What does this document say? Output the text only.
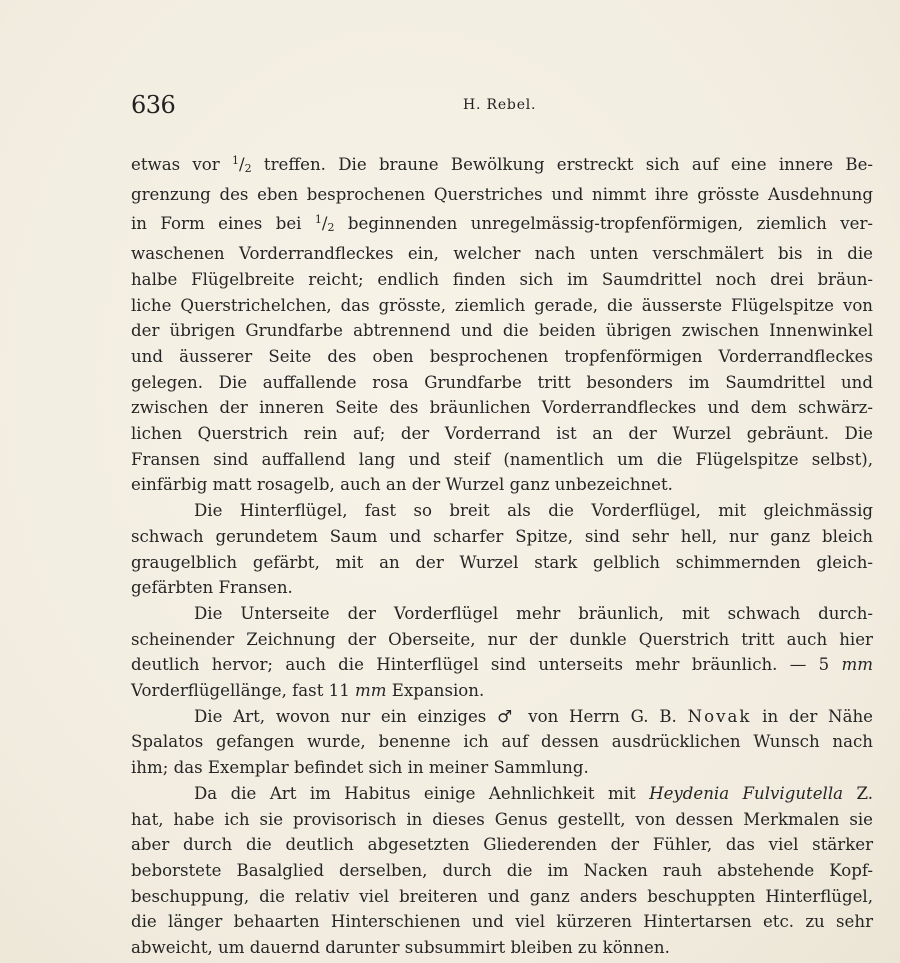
636	H. Rebel.

etwas vor $^1/_2$ treffen. Die braune Bewölkung erstreckt sich auf eine innere Be-
grenzung des eben besprochenen Querstriches und nimmt ihre grösste Ausdehnung
in Form eines bei $^1/_2$ beginnenden unregelmässig-tropfenförmigen, ziemlich ver-
waschenen Vorderrandfleckes ein, welcher nach unten verschmälert bis in die
halbe Flügelbreite reicht; endlich finden sich im Saumdrittel noch drei bräun-
liche Querstrichelchen, das grösste, ziemlich gerade, die äusserste Flügelspitze von
der übrigen Grundfarbe abtrennend und die beiden übrigen zwischen Innenwinkel
und äusserer Seite des oben besprochenen tropfenförmigen Vorderrandfleckes
gelegen. Die auffallende rosa Grundfarbe tritt besonders im Saumdrittel und
zwischen der inneren Seite des bräunlichen Vorderrandfleckes und dem schwärz-
lichen Querstrich rein auf; der Vorderrand ist an der Wurzel gebräunt. Die
Fransen sind auffallend lang und steif (namentlich um die Flügelspitze selbst),
einfärbig matt rosagelb, auch an der Wurzel ganz unbezeichnet.

Die Hinterflügel, fast so breit als die Vorderflügel, mit gleichmässig
schwach gerundetem Saum und scharfer Spitze, sind sehr hell, nur ganz bleich
graugelblich gefärbt, mit an der Wurzel stark gelblich schimmernden gleich-
gefärbten Fransen.

Die Unterseite der Vorderflügel mehr bräunlich, mit schwach durch-
scheinender Zeichnung der Oberseite, nur der dunkle Querstrich tritt auch hier
deutlich hervor; auch die Hinterflügel sind unterseits mehr bräunlich. — 5 mm
Vorderflügellänge, fast 11 mm Expansion.

Die Art, wovon nur ein einziges ♂ von Herrn G. B. Novak in der Nähe
Spalatos gefangen wurde, benenne ich auf dessen ausdrücklichen Wunsch nach
ihm; das Exemplar befindet sich in meiner Sammlung.

Da die Art im Habitus einige Aehnlichkeit mit Heydenia Fulvigutella Z.
hat, habe ich sie provisorisch in dieses Genus gestellt, von dessen Merkmalen sie
aber durch die deutlich abgesetzten Gliederenden der Fühler, das viel stärker
beborstete Basalglied derselben, durch die im Nacken rauh abstehende Kopf-
beschuppung, die relativ viel breiteren und ganz anders beschuppten Hinterflügel,
die länger behaarten Hinterschienen und viel kürzeren Hintertarsen etc. zu sehr
abweicht, um dauernd darunter subsummirt bleiben zu können.
